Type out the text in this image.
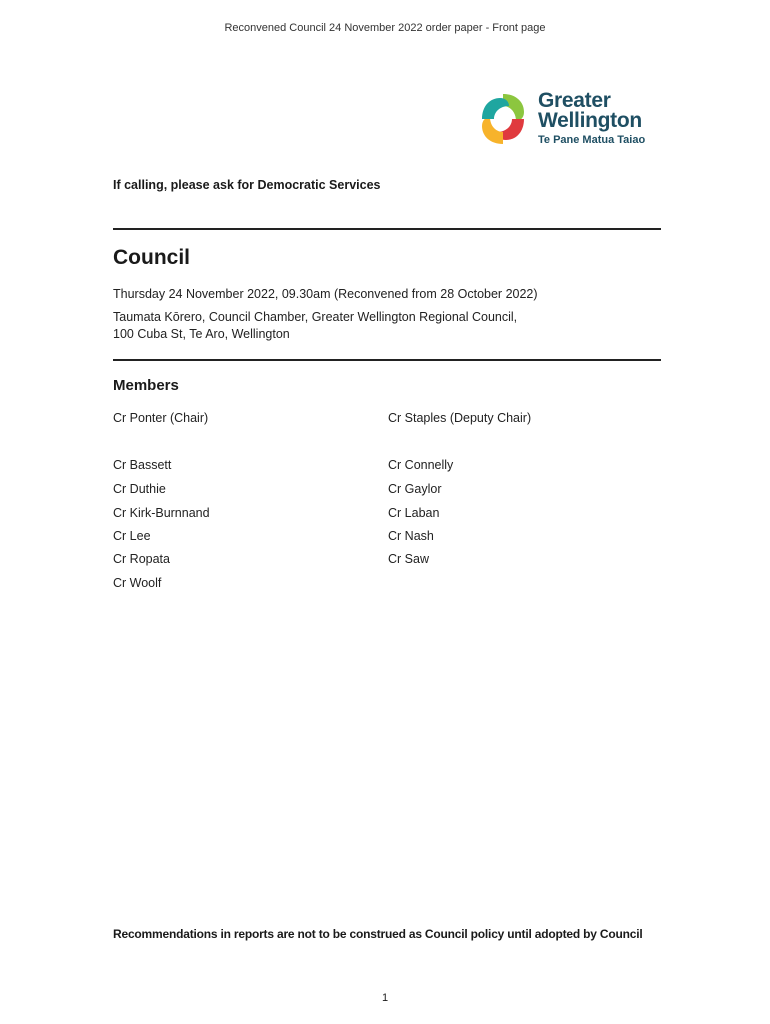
Reconvened Council 24 November 2022 order paper - Front page
Greater
Wellington
Te Pane Matua Taiao
If calling, please ask for Democratic Services
Council
Thursday 24 November 2022, 09.30am (Reconvened from 28 October 2022)
Taumata Kōrero, Council Chamber, Greater Wellington Regional Council,
100 Cuba St, Te Aro, Wellington
Members
Cr Ponter (Chair)	Cr Staples (Deputy Chair)
Cr Bassett
Cr Duthie
Cr Kirk-Burnnand
Cr Lee
Cr Ropata
Cr Woolf
Cr Connelly
Cr Gaylor
Cr Laban
Cr Nash
Cr Saw
Recommendations in reports are not to be construed as Council policy until adopted by Council
1
